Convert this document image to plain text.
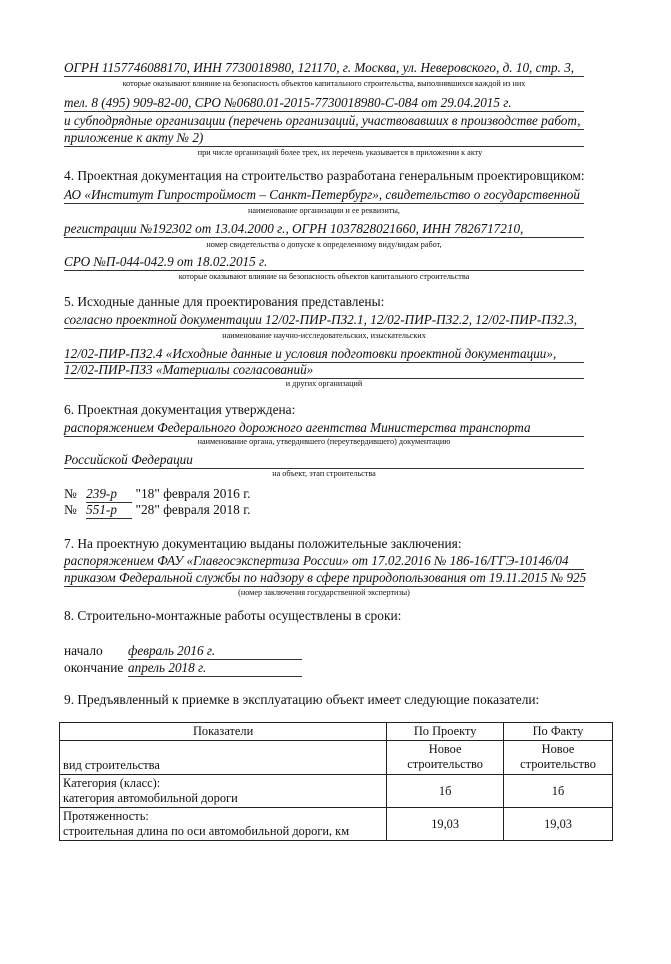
ОГРН 1157746088170, ИНН 7730018980, 121170, г. Москва, ул. Неверовского, д. 10, стр. 3,
которые оказывают влияние на безопасность объектов капитального строительства, выполнявшихся каждой из них
тел. 8 (495) 909-82-00, СРО №0680.01-2015-7730018980-С-084 от 29.04.2015 г.
и субподрядные организации (перечень организаций, участвовавших в производстве работ,
приложение к акту № 2)
при числе организаций более трех, их перечень указывается в приложении к акту
4. Проектная документация на строительство разработана генеральным проектировщиком:
АО «Институт Гипростроймост – Санкт-Петербург», свидетельство о государственной
наименование организации и ее реквизиты,
регистрации №192302 от 13.04.2000 г., ОГРН 1037828021660, ИНН 7826717210,
номер свидетельства о допуске к определенному виду/видам работ,
СРО №П-044-042.9 от 18.02.2015 г.
которые оказывают влияние на безопасность объектов капитального строительства
5. Исходные данные для проектирования представлены:
согласно проектной документации 12/02-ПИР-ПЗ2.1, 12/02-ПИР-ПЗ2.2, 12/02-ПИР-ПЗ2.3,
наименование научно-исследовательских, изыскательских
12/02-ПИР-ПЗ2.4 «Исходные данные и условия подготовки проектной документации»,
12/02-ПИР-ПЗ3 «Материалы согласований»
и других организаций
6. Проектная документация утверждена:
распоряжением Федерального дорожного агентства Министерства транспорта
наименование органа, утвердившего (переутвердившего) документацию
Российской Федерации
на объект, этап строительства
№ 239-р "18" февраля 2016 г.
№ 551-р "28" февраля 2018 г.
7. На проектную документацию выданы положительные заключения:
распоряжением ФАУ «Главгосэкспертиза России» от 17.02.2016 № 186-16/ГГЭ-10146/04
приказом Федеральной службы по надзору в сфере природопользования от 19.11.2015 № 925
(номер заключения государственной экспертизы)
8. Строительно-монтажные работы осуществлены в сроки:
начало февраль 2016 г.
окончание апрель 2018 г.
9. Предъявленный к приемке в эксплуатацию объект имеет следующие показатели:
Показатели	По Проекту	По Факту

вид строительства	Новое строительство	Новое строительство

Категория (класс):
категория автомобильной дороги	1б	1б

Протяженность:
строительная длина по оси автомобильной дороги, км	19,03	19,03
